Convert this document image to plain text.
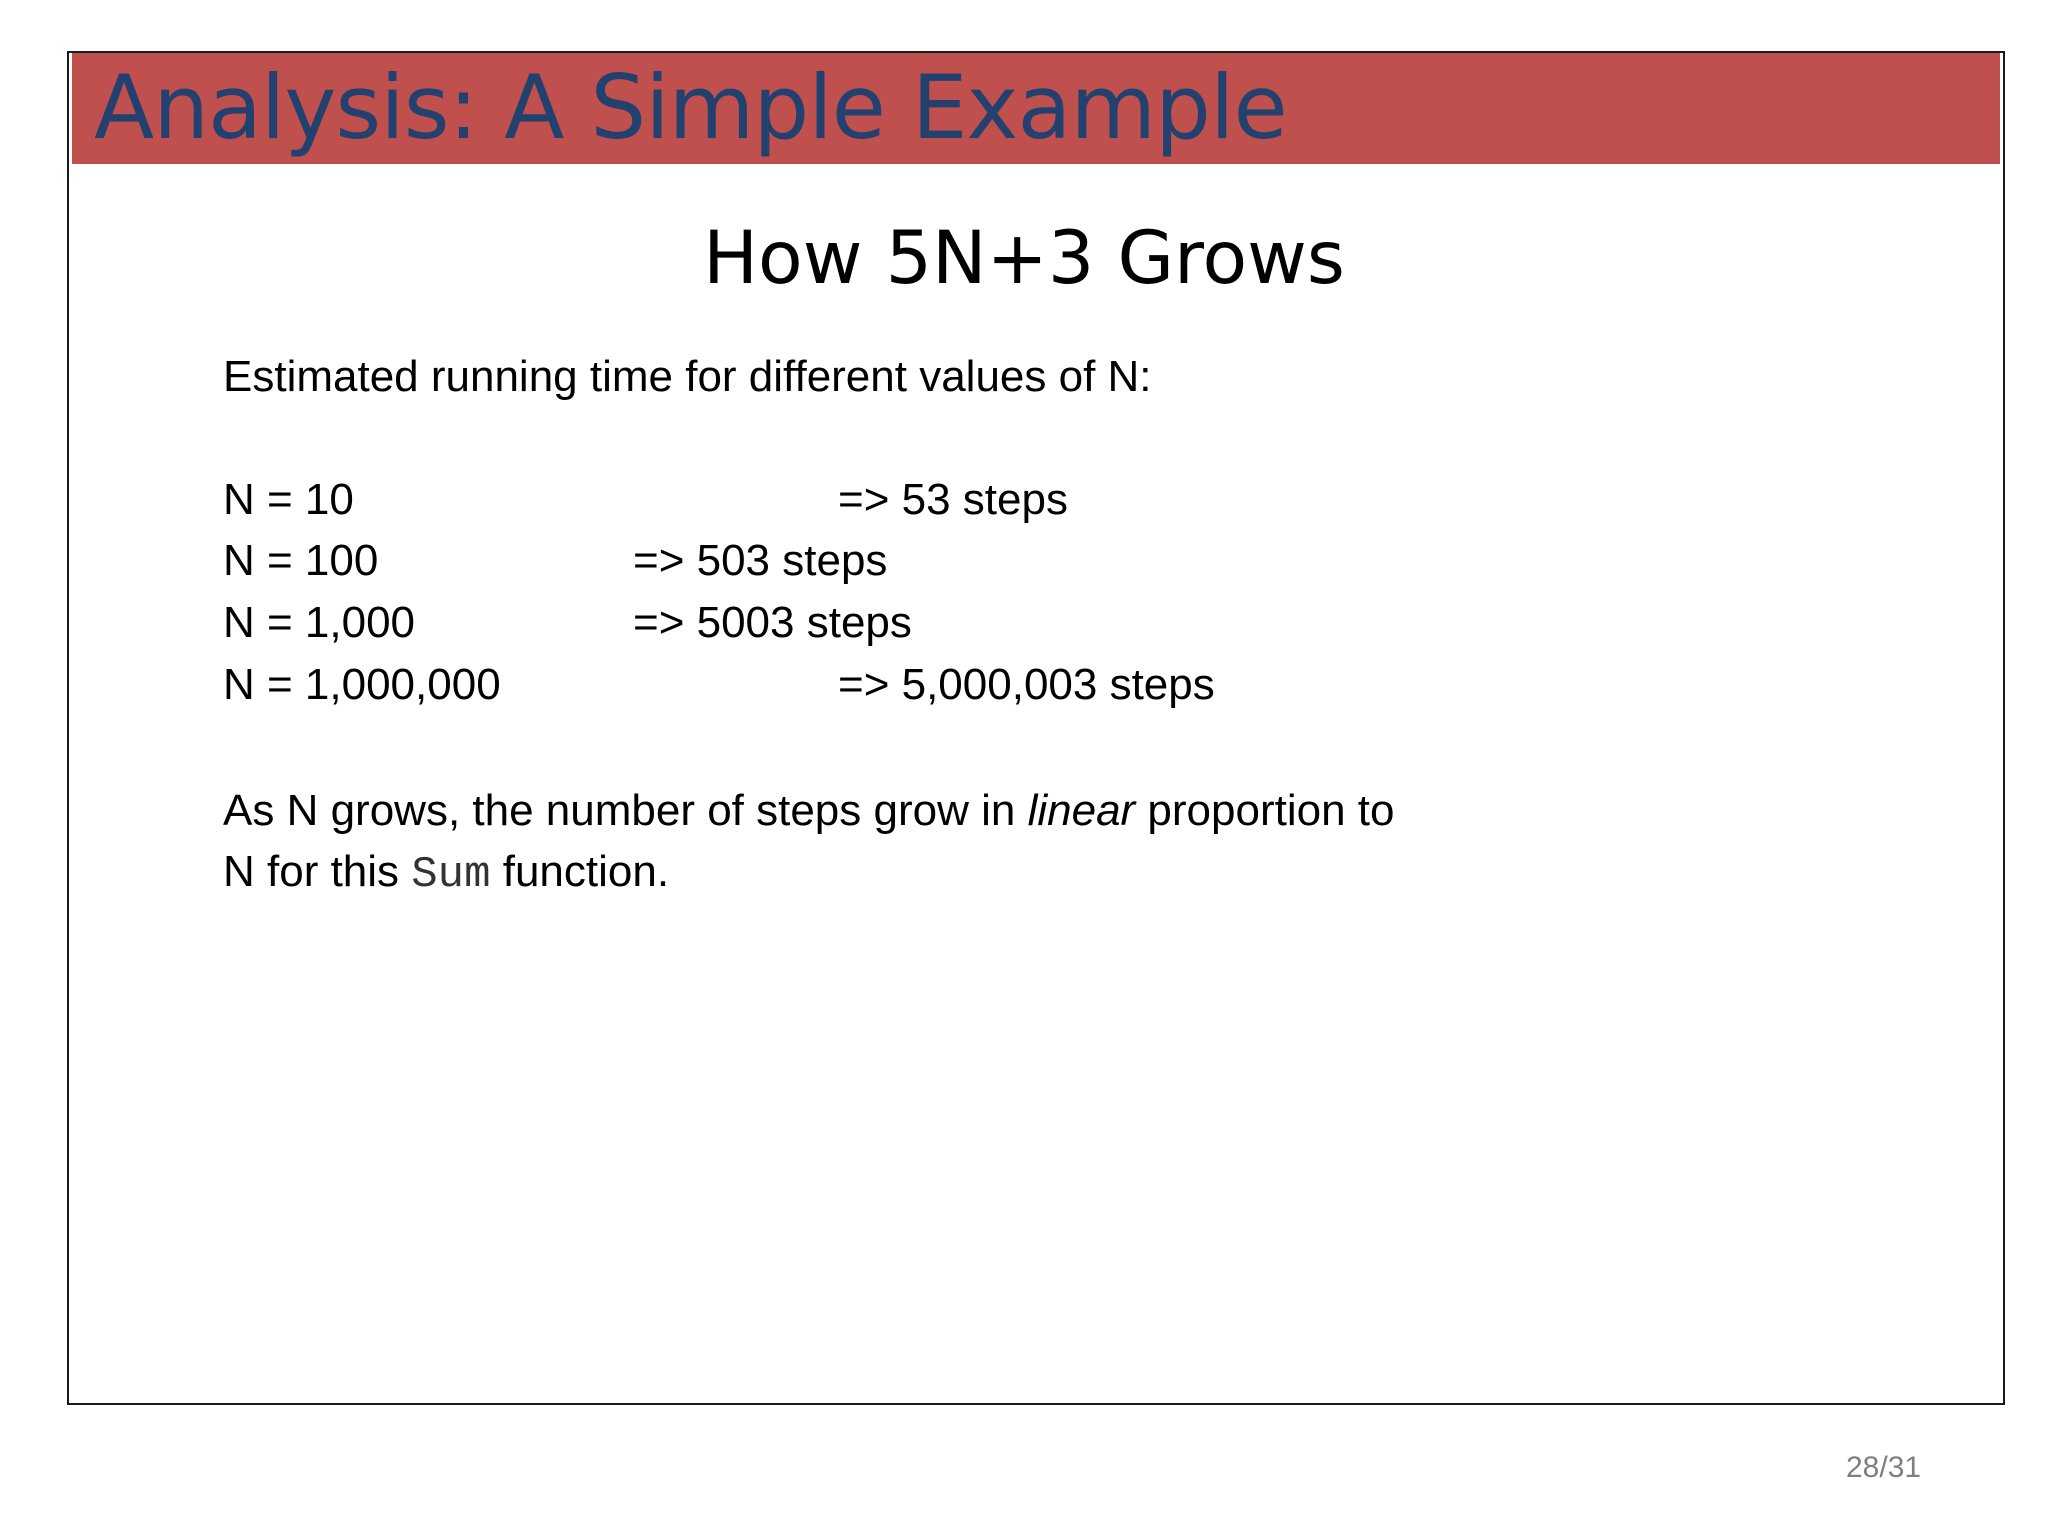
Analysis: A Simple Example
How 5N+3 Grows
Estimated running time for different values of N:
N = 10	=> 53 steps
N = 100	=> 503 steps
N = 1,000	=> 5003 steps
N = 1,000,000	=> 5,000,003 steps
As N grows, the number of steps grow in linear proportion to
N for this Sum function.
28/31
